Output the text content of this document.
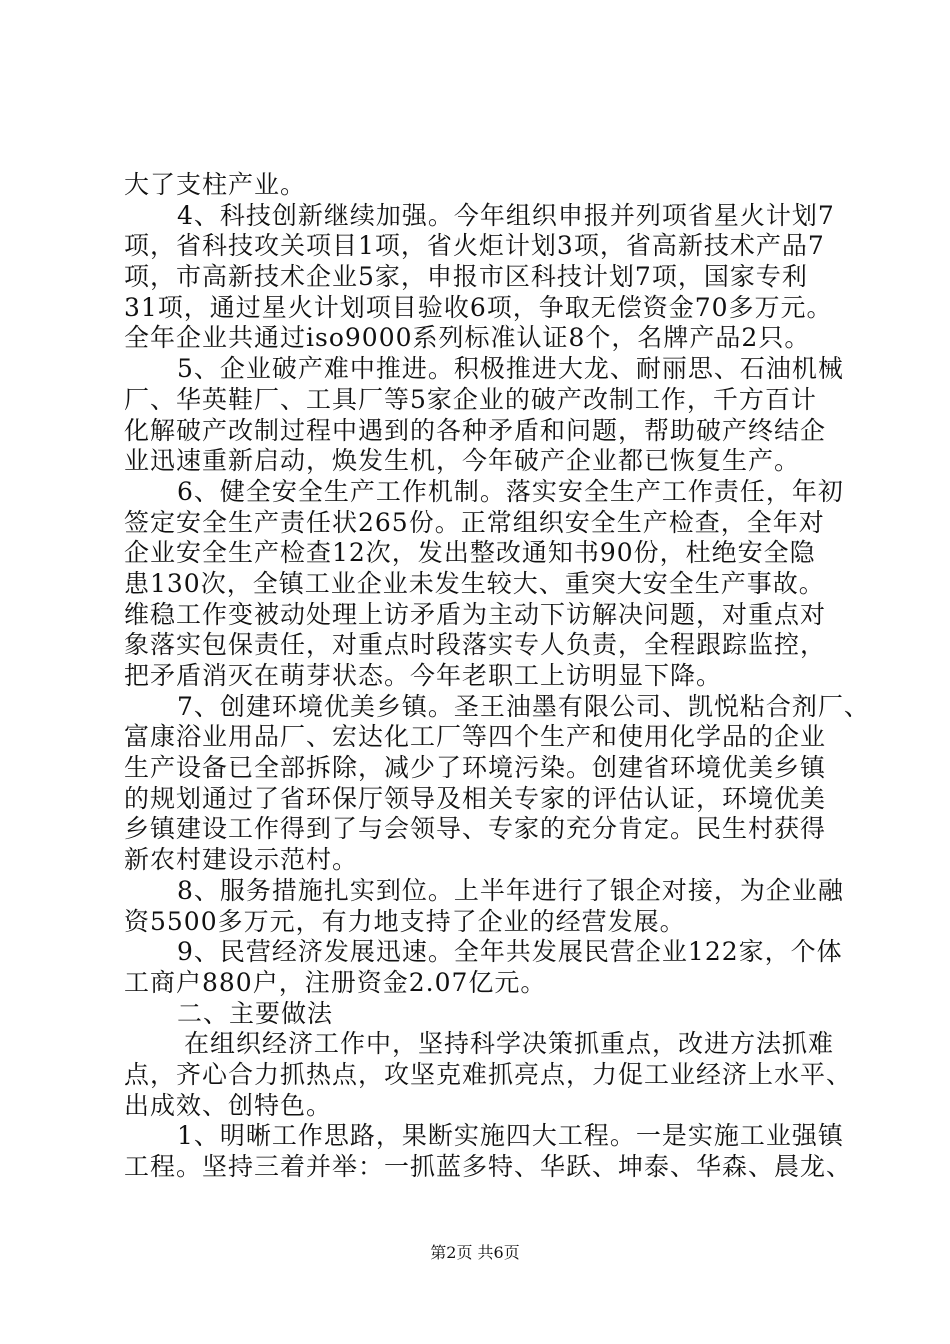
大了支柱产业。
4、科技创新继续加强。今年组织申报并列项省星火计划7
项，省科技攻关项目1项，省火炬计划3项，省高新技术产品7
项，市高新技术企业5家，申报市区科技计划7项，国家专利
31项，通过星火计划项目验收6项，争取无偿资金70多万元。
全年企业共通过iso9000系列标准认证8个，名牌产品2只。
5、企业破产难中推进。积极推进大龙、耐丽思、石油机械
厂、华英鞋厂、工具厂等5家企业的破产改制工作，千方百计
化解破产改制过程中遇到的各种矛盾和问题，帮助破产终结企
业迅速重新启动，焕发生机，今年破产企业都已恢复生产。
6、健全安全生产工作机制。落实安全生产工作责任，年初
签定安全生产责任状265份。正常组织安全生产检查，全年对
企业安全生产检查12次，发出整改通知书90份，杜绝安全隐
患130次，全镇工业企业未发生较大、重突大安全生产事故。
维稳工作变被动处理上访矛盾为主动下访解决问题，对重点对
象落实包保责任，对重点时段落实专人负责，全程跟踪监控，
把矛盾消灭在萌芽状态。今年老职工上访明显下降。
7、创建环境优美乡镇。圣王油墨有限公司、凯悦粘合剂厂、
富康浴业用品厂、宏达化工厂等四个生产和使用化学品的企业
生产设备已全部拆除，减少了环境污染。创建省环境优美乡镇
的规划通过了省环保厅领导及相关专家的评估认证，环境优美
乡镇建设工作得到了与会领导、专家的充分肯定。民生村获得
新农村建设示范村。
8、服务措施扎实到位。上半年进行了银企对接，为企业融
资5500多万元，有力地支持了企业的经营发展。
9、民营经济发展迅速。全年共发展民营企业122家，个体
工商户880户，注册资金2.07亿元。
二、主要做法
在组织经济工作中，坚持科学决策抓重点，改进方法抓难
点，齐心合力抓热点，攻坚克难抓亮点，力促工业经济上水平、
出成效、创特色。
1、明晰工作思路，果断实施四大工程。一是实施工业强镇
工程。坚持三着并举：一抓蓝多特、华跃、坤泰、华森、晨龙、
第2页 共6页
